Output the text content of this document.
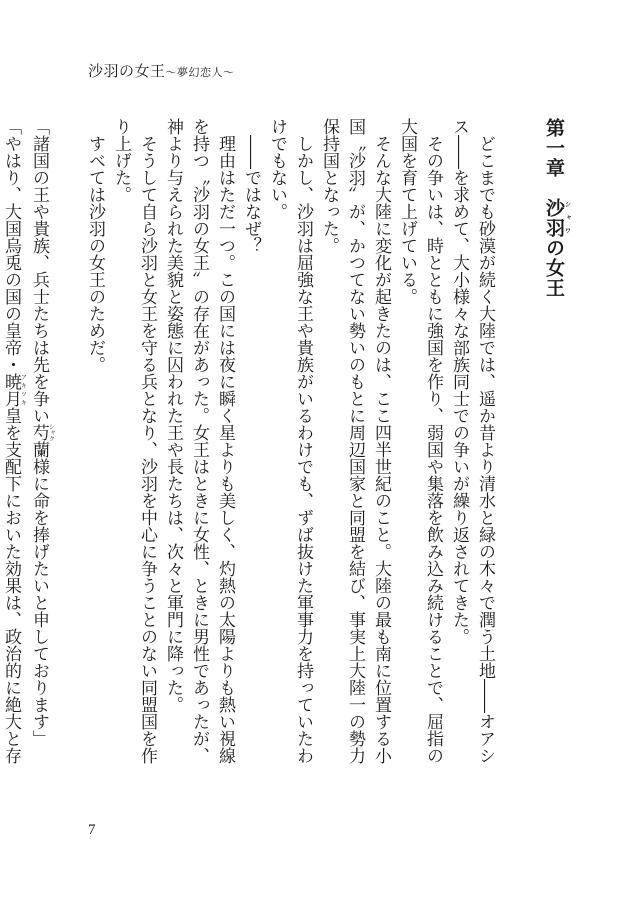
沙羽の女王〜夢幻恋人〜

第一章　沙羽シャワの女王

どこまでも砂漠が続く大陸では、遥か昔より清水と緑の木々で潤う土地――オアシス――を求めて、大小様々な部族同士での争いが繰り返されてきた。

その争いは、時とともに強国を作り、弱国や集落を飲み込み続けることで、屈指の大国を育て上げている。

そんな大陸に変化が起きたのは、ここ四半世紀のこと。大陸の最も南に位置する小国〝沙羽〟が、かつてない勢いのもとに周辺国家と同盟を結び、事実上大陸一の勢力保持国となった。

しかし、沙羽は屈強な王や貴族がいるわけでも、ずば抜けた軍事力を持っていたわけでもない。

――ではなぜ？

理由はただ一つ。この国には夜に瞬く星よりも美しく、灼熱の太陽よりも熱い視線を持つ〝沙羽の女王〟の存在があった。女王はときに女性、ときに男性であったが、神より与えられた美貌と姿態に囚われた王や長たちは、次々と軍門に降った。

そうして自ら沙羽と女王を守る兵となり、沙羽を中心に争うことのない同盟国を作り上げた。

すべては沙羽の女王のためだ。

「諸国の王や貴族、兵士たちは先を争い芍シャク蘭様に命を捧げたいと申しております」

「やはり、大国烏兎の国の皇帝・暁月アキツキ皇を支配下においた効果は、政治的に絶大と存

7
